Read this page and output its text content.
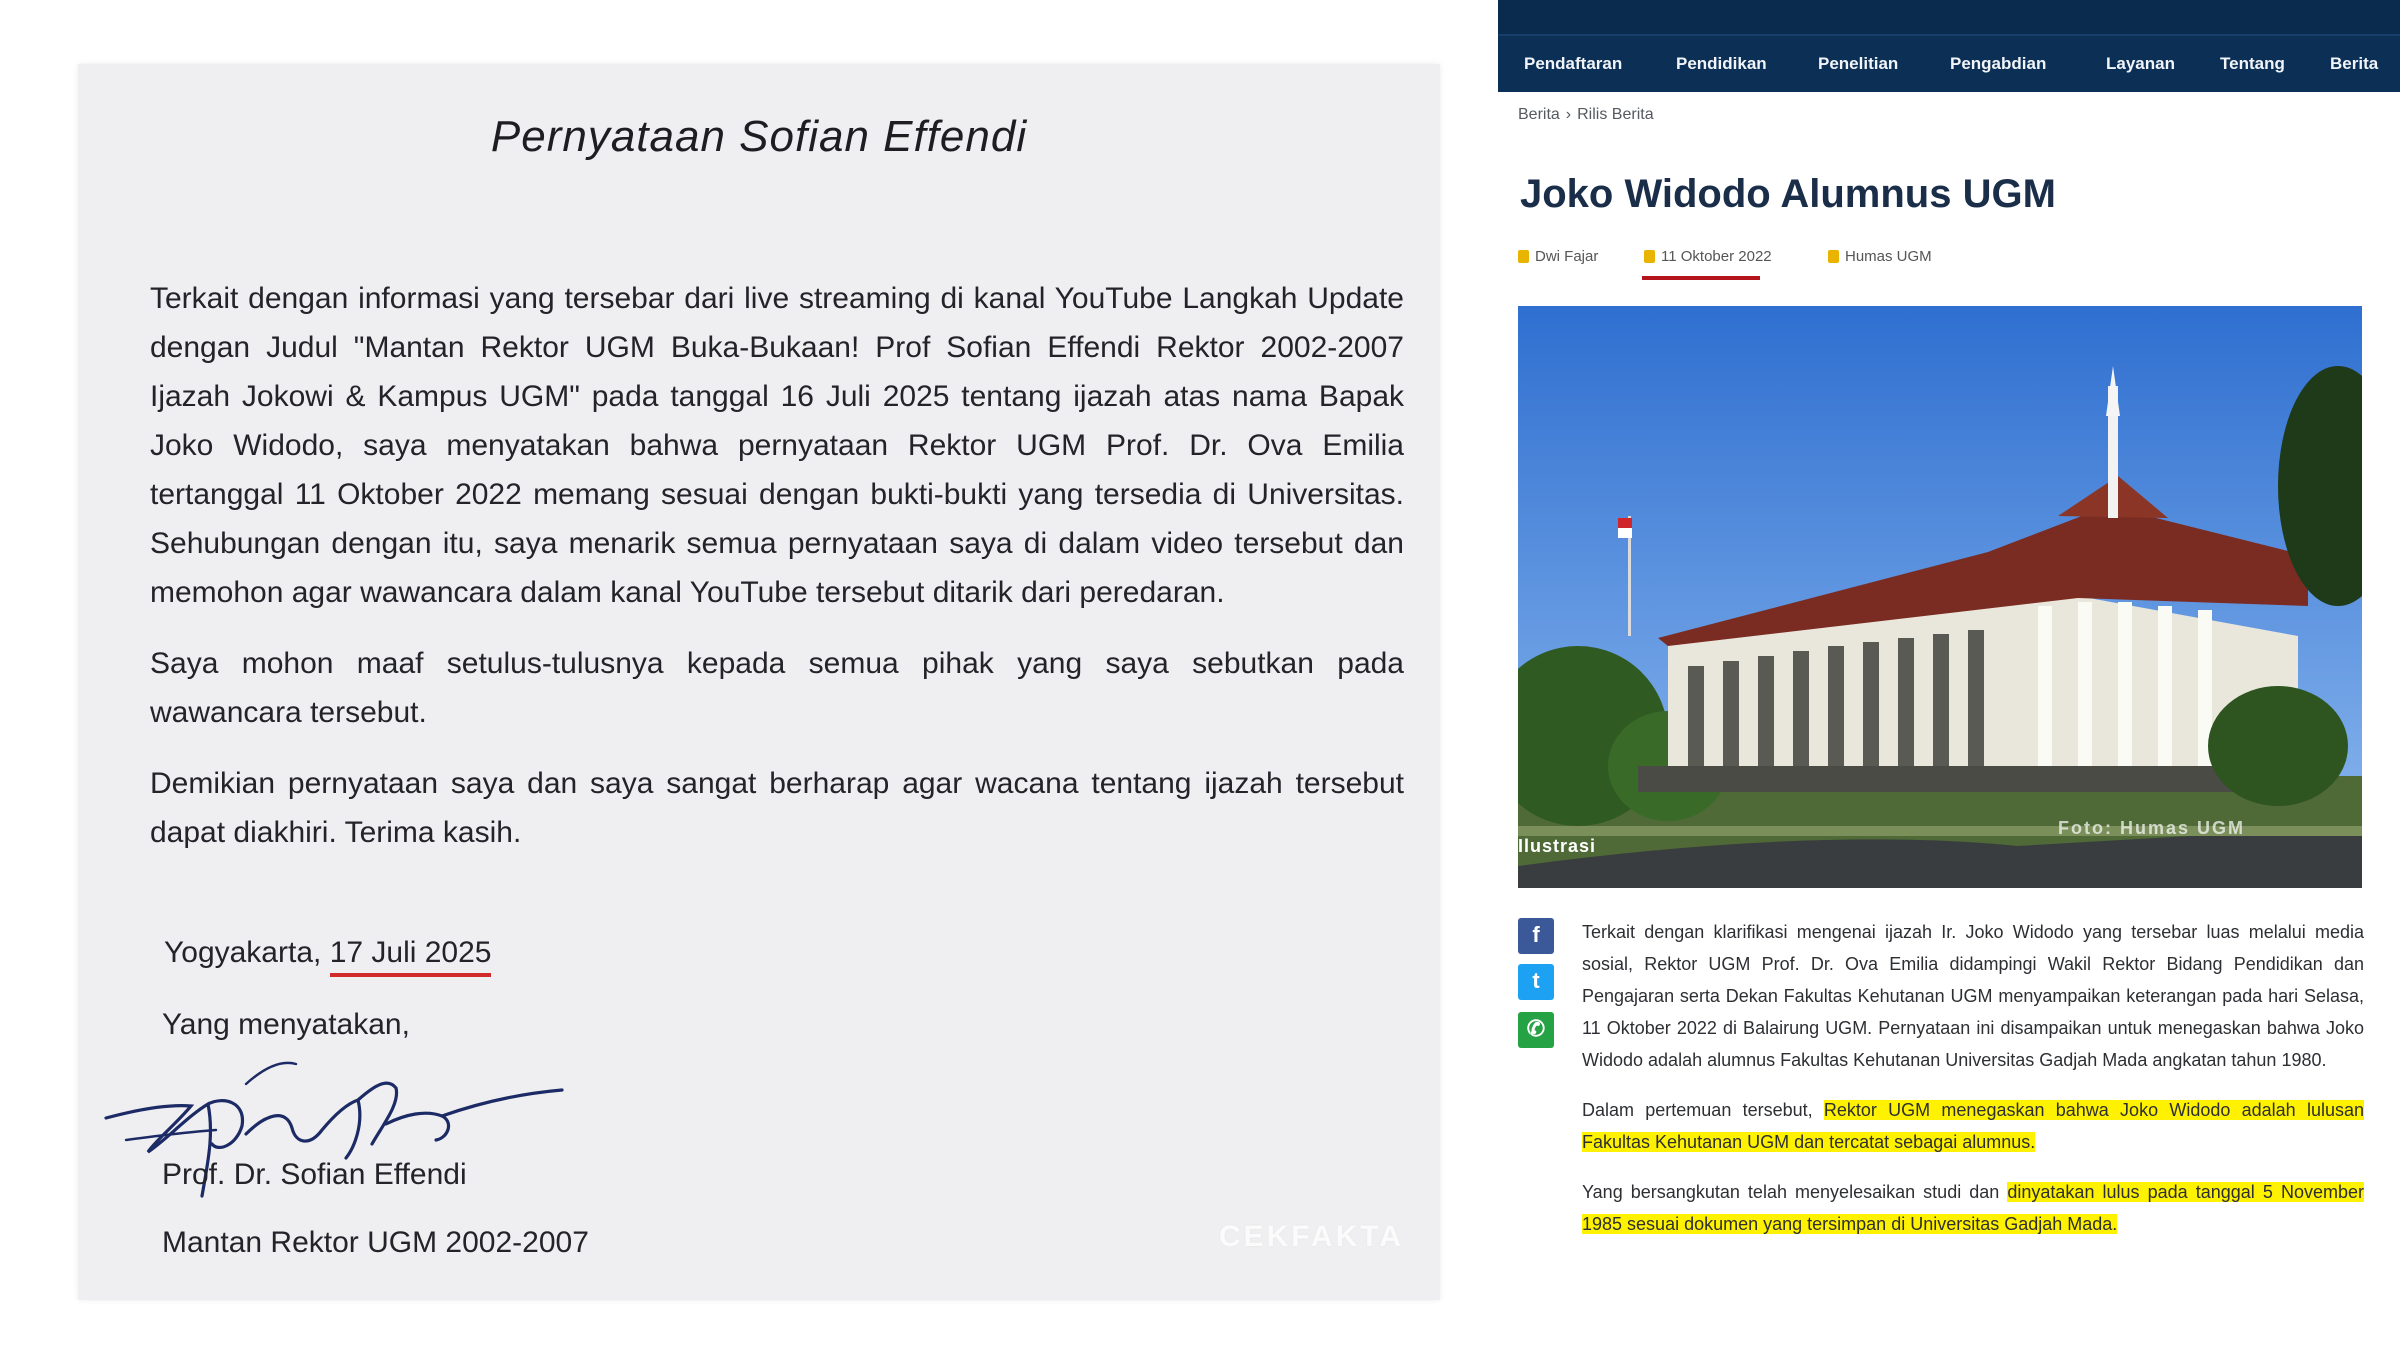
Pernyataan Sofian Effendi

Terkait dengan informasi yang tersebar dari live streaming di kanal YouTube Langkah Update dengan Judul "Mantan Rektor UGM Buka-Bukaan! Prof Sofian Effendi Rektor 2002-2007 Ijazah Jokowi & Kampus UGM" pada tanggal 16 Juli 2025 tentang ijazah atas nama Bapak Joko Widodo, saya menyatakan bahwa pernyataan Rektor UGM Prof. Dr. Ova Emilia tertanggal 11 Oktober 2022 memang sesuai dengan bukti-bukti yang tersedia di Universitas. Sehubungan dengan itu, saya menarik semua pernyataan saya di dalam video tersebut dan memohon agar wawancara dalam kanal YouTube tersebut ditarik dari peredaran.

Saya mohon maaf setulus-tulusnya kepada semua pihak yang saya sebutkan pada wawancara tersebut.

Demikian pernyataan saya dan saya sangat berharap agar wacana tentang ijazah tersebut dapat diakhiri. Terima kasih.

Yogyakarta, 17 Juli 2025
Yang menyatakan,
Prof. Dr. Sofian Effendi
Mantan Rektor UGM 2002-2007	CEKFAKTA
Pendaftaran	Pendidikan	Penelitian	Pengabdian	Layanan	Tentang	Berita
Berita › Rilis Berita
Joko Widodo Alumnus UGM
Dwi Fajar	11 Oktober 2022	Humas UGM
Ilustrasi
Foto: Humas UGM
f
t
✆

Terkait dengan klarifikasi mengenai ijazah Ir. Joko Widodo yang tersebar luas melalui media sosial, Rektor UGM Prof. Dr. Ova Emilia didampingi Wakil Rektor Bidang Pendidikan dan Pengajaran serta Dekan Fakultas Kehutanan UGM menyampaikan keterangan pada hari Selasa, 11 Oktober 2022 di Balairung UGM. Pernyataan ini disampaikan untuk menegaskan bahwa Joko Widodo adalah alumnus Fakultas Kehutanan Universitas Gadjah Mada angkatan tahun 1980.

Dalam pertemuan tersebut, Rektor UGM menegaskan bahwa Joko Widodo adalah lulusan Fakultas Kehutanan UGM dan tercatat sebagai alumnus.

Yang bersangkutan telah menyelesaikan studi dan dinyatakan lulus pada tanggal 5 November 1985 sesuai dokumen yang tersimpan di Universitas Gadjah Mada.
